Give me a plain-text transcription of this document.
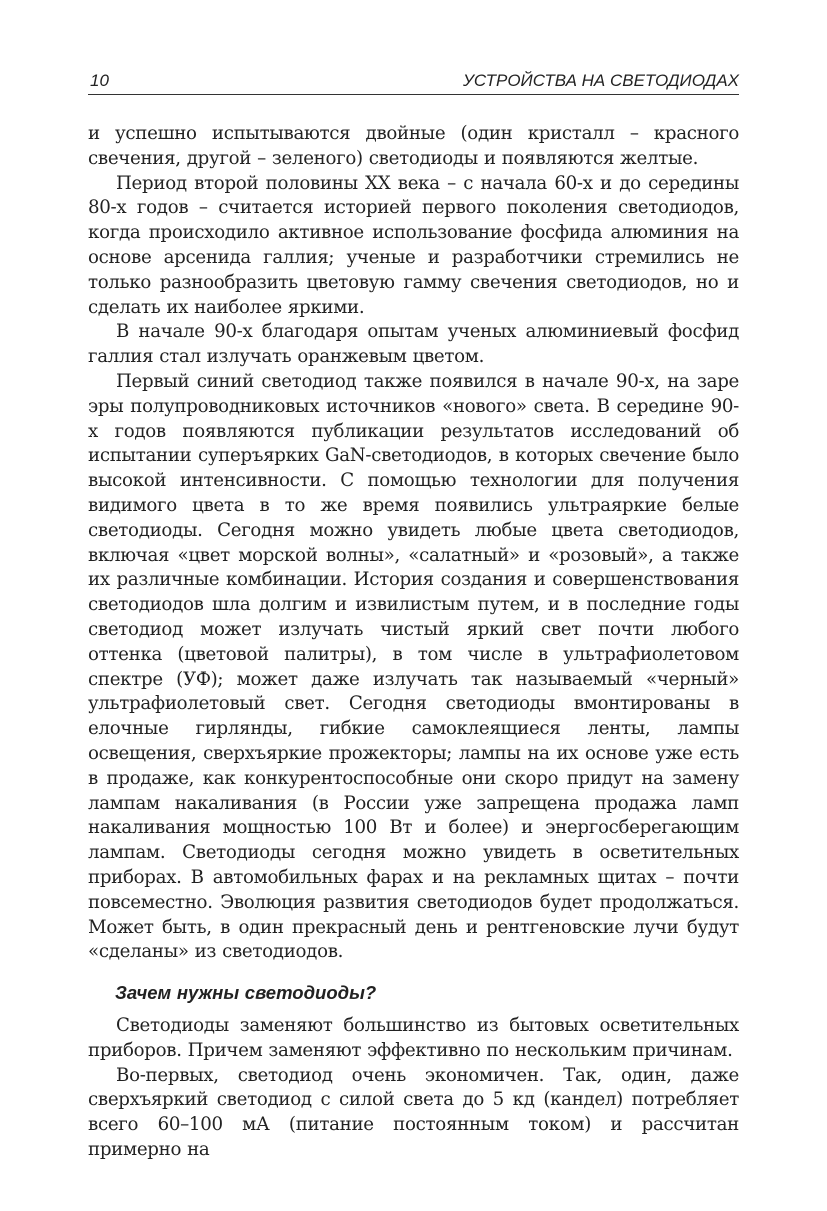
10	УСТРОЙСТВА НА СВЕТОДИОДАХ

и успешно испытываются двойные (один кристалл – красного свечения, другой – зеленого) светодиоды и появляются желтые.

Период второй половины XX века – с начала 60-х и до середины 80-х годов – считается историей первого поколения светодиодов, когда происходило активное использование фосфида алюминия на основе арсенида галлия; ученые и разработчики стремились не только разнообразить цветовую гамму свечения светодиодов, но и сделать их наиболее яркими.

В начале 90-х благодаря опытам ученых алюминиевый фосфид галлия стал излучать оранжевым цветом.

Первый синий светодиод также появился в начале 90-х, на заре эры полупроводниковых источников «нового» света. В середине 90-х годов появляются публикации результатов исследований об испытании суперъярких GaN-светодиодов, в которых свечение было высокой интенсивности. С помощью технологии для получения видимого цвета в то же время появились ультраяркие белые светодиоды. Сегодня можно увидеть любые цвета светодиодов, включая «цвет морской волны», «салатный» и «розовый», а также их различные комбинации. История создания и совершенствования светодиодов шла долгим и извилистым путем, и в последние годы светодиод может излучать чистый яркий свет почти любого оттенка (цветовой палитры), в том числе в ультрафиолетовом спектре (УФ); может даже излучать так называемый «черный» ультрафиолетовый свет. Сегодня светодиоды вмонтированы в елочные гирлянды, гибкие самоклеящиеся ленты, лампы освещения, сверхъяркие прожекторы; лампы на их основе уже есть в продаже, как конкурентоспособные они скоро придут на замену лампам накаливания (в России уже запрещена продажа ламп накаливания мощностью 100 Вт и более) и энергосберегающим лампам. Светодиоды сегодня можно увидеть в осветительных приборах. В автомобильных фарах и на рекламных щитах – почти повсеместно. Эволюция развития светодиодов будет продолжаться. Может быть, в один прекрасный день и рентгеновские лучи будут «сделаны» из светодиодов.

Зачем нужны светодиоды?

Светодиоды заменяют большинство из бытовых осветительных приборов. Причем заменяют эффективно по нескольким причинам.

Во-первых, светодиод очень экономичен. Так, один, даже сверхъяркий светодиод с силой света до 5 кд (кандел) потребляет всего 60–100 мА (питание постоянным током) и рассчитан примерно на
